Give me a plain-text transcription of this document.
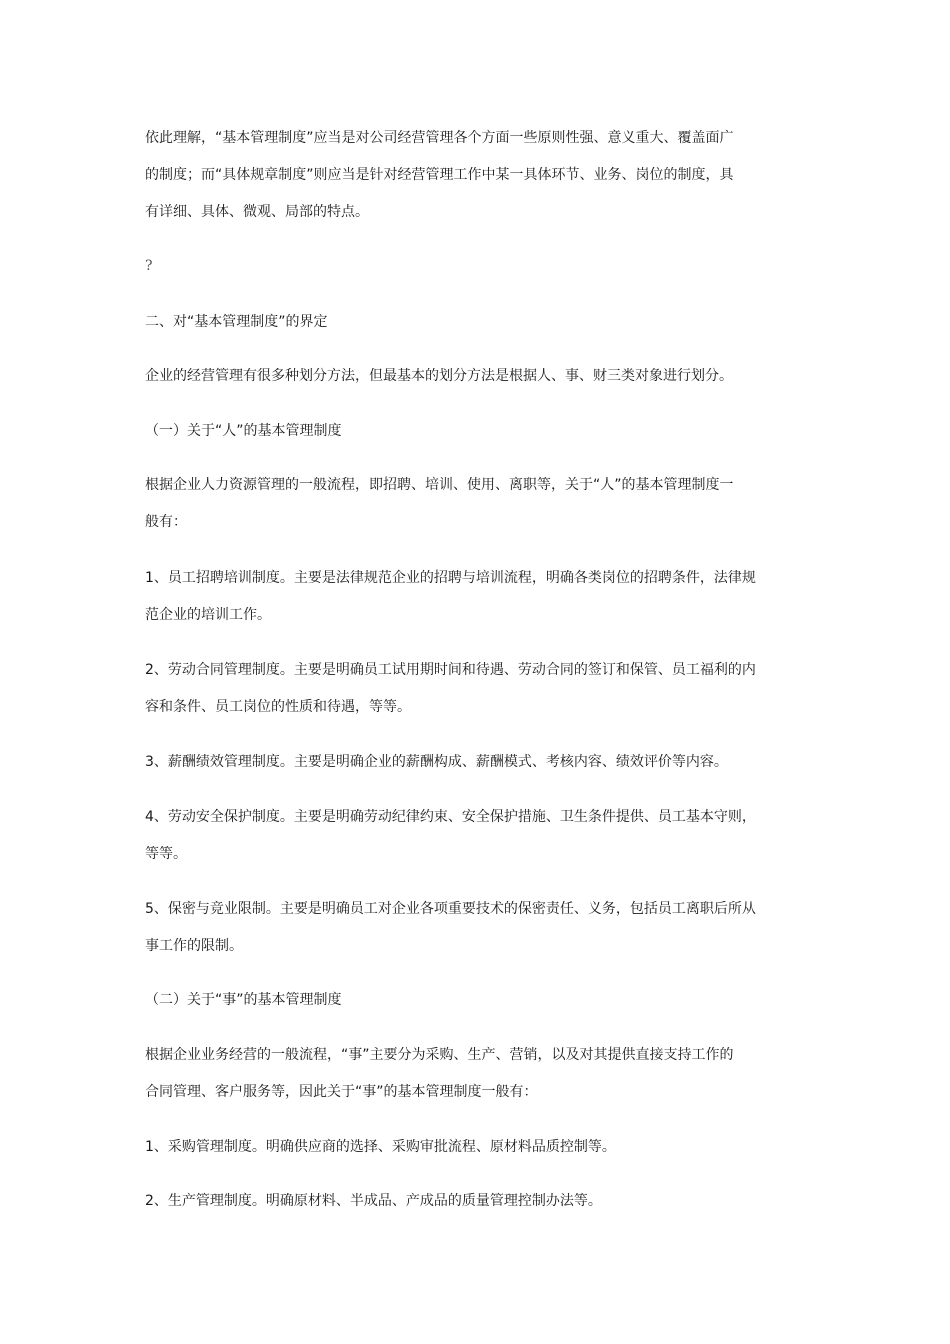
依此理解，“基本管理制度”应当是对公司经营管理各个方面一些原则性强、意义重大、覆盖面广

的制度；而“具体规章制度”则应当是针对经营管理工作中某一具体环节、业务、岗位的制度，具

有详细、具体、微观、局部的特点。

?

二、对“基本管理制度”的界定

企业的经营管理有很多种划分方法，但最基本的划分方法是根据人、事、财三类对象进行划分。

（一）关于“人”的基本管理制度

根据企业人力资源管理的一般流程，即招聘、培训、使用、离职等，关于“人”的基本管理制度一

般有：

1、员工招聘培训制度。主要是法律规范企业的招聘与培训流程，明确各类岗位的招聘条件，法律规

范企业的培训工作。

2、劳动合同管理制度。主要是明确员工试用期时间和待遇、劳动合同的签订和保管、员工福利的内

容和条件、员工岗位的性质和待遇，等等。

3、薪酬绩效管理制度。主要是明确企业的薪酬构成、薪酬模式、考核内容、绩效评价等内容。

4、劳动安全保护制度。主要是明确劳动纪律约束、安全保护措施、卫生条件提供、员工基本守则，

等等。

5、保密与竞业限制。主要是明确员工对企业各项重要技术的保密责任、义务，包括员工离职后所从

事工作的限制。

（二）关于“事”的基本管理制度

根据企业业务经营的一般流程，“事”主要分为采购、生产、营销，以及对其提供直接支持工作的

合同管理、客户服务等，因此关于“事”的基本管理制度一般有：

1、采购管理制度。明确供应商的选择、采购审批流程、原材料品质控制等。

2、生产管理制度。明确原材料、半成品、产成品的质量管理控制办法等。
